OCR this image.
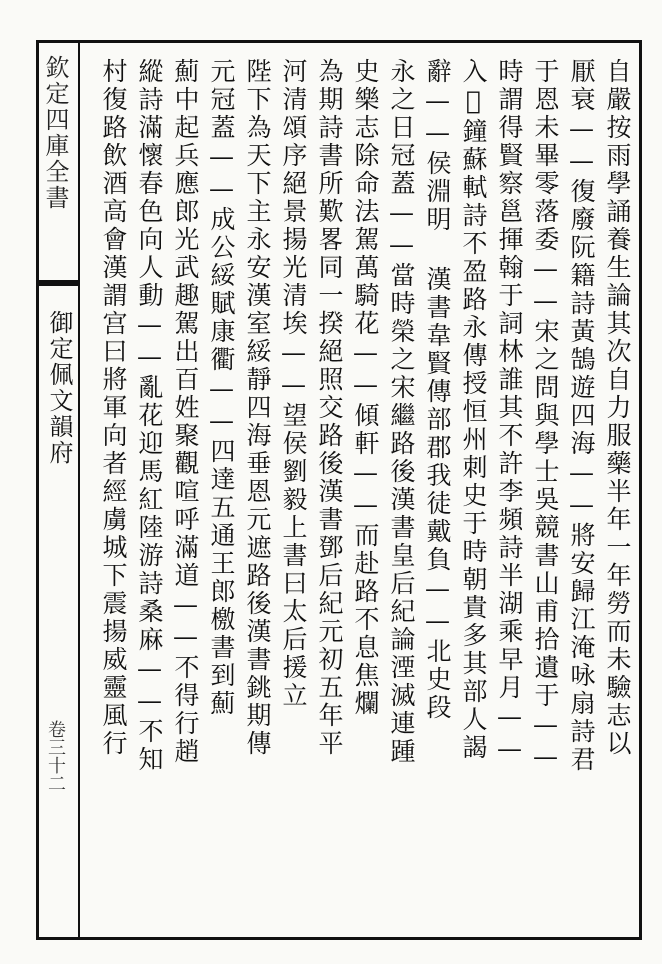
欽定四庫全書
御定佩文韻府
卷三十二	自嚴按雨學誦養生論其次自力服藥半年一年勞而未驗志以
厭衰——復廢阮籍詩黃鵠遊四海——將安歸江淹咏扇詩君
于恩未畢零落委——宋之問與學士吳競書山甫拾遺于——
時謂得賢察邕揮翰于詞林誰其不許李頻詩半湖乘早月——
入𢘝鐘蘇軾詩不盈路永傳授恒州刺史于時朝貴多其部人謁
辭——侯淵明 漢書韋賢傳部郡我徒戴負——北史段
永之日冠蓋——當時榮之宋繼路後漢書皇后紀論湮滅連踵
史樂志除命法駕萬騎花——傾軒——而赴路不息焦爛
為期詩書所歎畧同一揆絕照交路後漢書鄧后紀元初五年平
河清頌序絕景揚光清埃——望侯劉毅上書曰太后援立
陛下為天下主永安漢室綏靜四海垂恩元遮路後漢書銚期傳
元冠蓋——成公綏賦康衢——四達五通王郎檄書到薊
薊中起兵應郎光武趣駕出百姓聚觀喧呼滿道——不得行趙
縱詩滿懷春色向人動——亂花迎馬紅陸游詩桑麻——不知
村復路飲酒高會漢謂宫曰將軍向者經虜城下震揚威靈風行
